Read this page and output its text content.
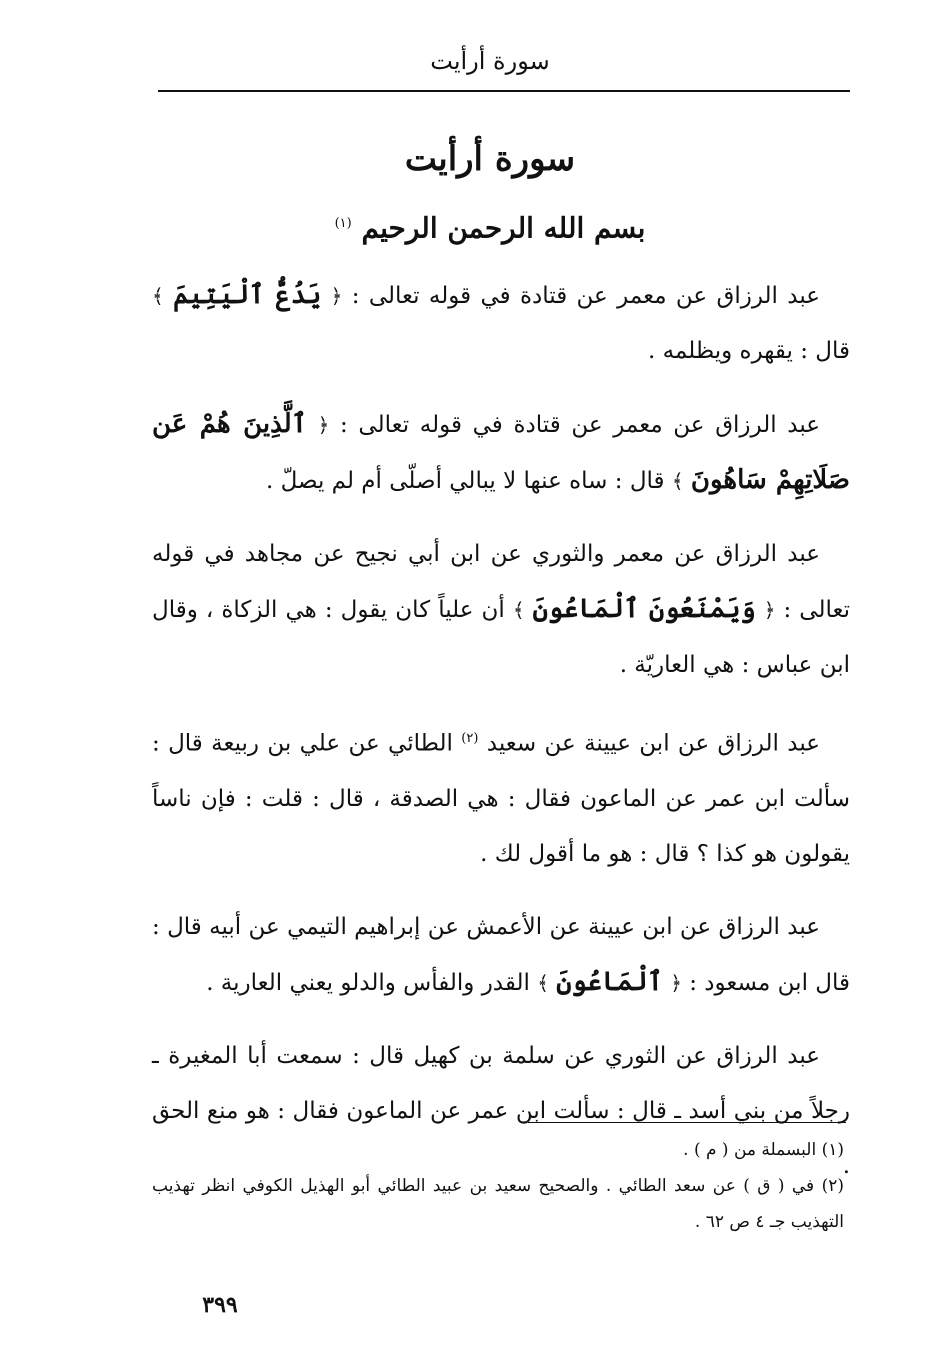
سورة أرأيت
سورة أرأيت
بسم الله الرحمن الرحيم $^{(١)}$

عبد الرزاق عن معمر عن قتادة في قوله تعالى : ﴿ يَدُعُّ ٱلْيَتِيمَ ﴾ قال : يقهره ويظلمه .

عبد الرزاق عن معمر عن قتادة في قوله تعالى : ﴿ ٱلَّذِينَ هُمْ عَن صَلَاتِهِمْ سَاهُونَ ﴾ قال : ساه عنها لا يبالي أصلّى أم لم يصلّ .

عبد الرزاق عن معمر والثوري عن ابن أبي نجيح عن مجاهد في قوله تعالى : ﴿ وَيَمْنَعُونَ ٱلْمَاعُونَ ﴾ أن علياً كان يقول : هي الزكاة ، وقال ابن عباس : هي العاريّة .

عبد الرزاق عن ابن عيينة عن سعيد $^{(٢)}$ الطائي عن علي بن ربيعة قال : سألت ابن عمر عن الماعون فقال : هي الصدقة ، قال : قلت : فإن ناساً يقولون هو كذا ؟ قال : هو ما أقول لك .

عبد الرزاق عن ابن عيينة عن الأعمش عن إبراهيم التيمي عن أبيه قال : قال ابن مسعود : ﴿ ٱلْمَاعُونَ ﴾ القدر والفأس والدلو يعني العارية .

عبد الرزاق عن الثوري عن سلمة بن كهيل قال : سمعت أبا المغيرة ـ رجلاً من بني أسد ـ قال : سألت ابن عمر عن الماعون فقال : هو منع الحق .

(١) البسملة من ( م ) .

(٢) في ( ق ) عن سعد الطائي . والصحيح سعيد بن عبيد الطائي أبو الهذيل الكوفي انظر تهذيب التهذيب جـ ٤ ص ٦٢ .

٣٩٩
